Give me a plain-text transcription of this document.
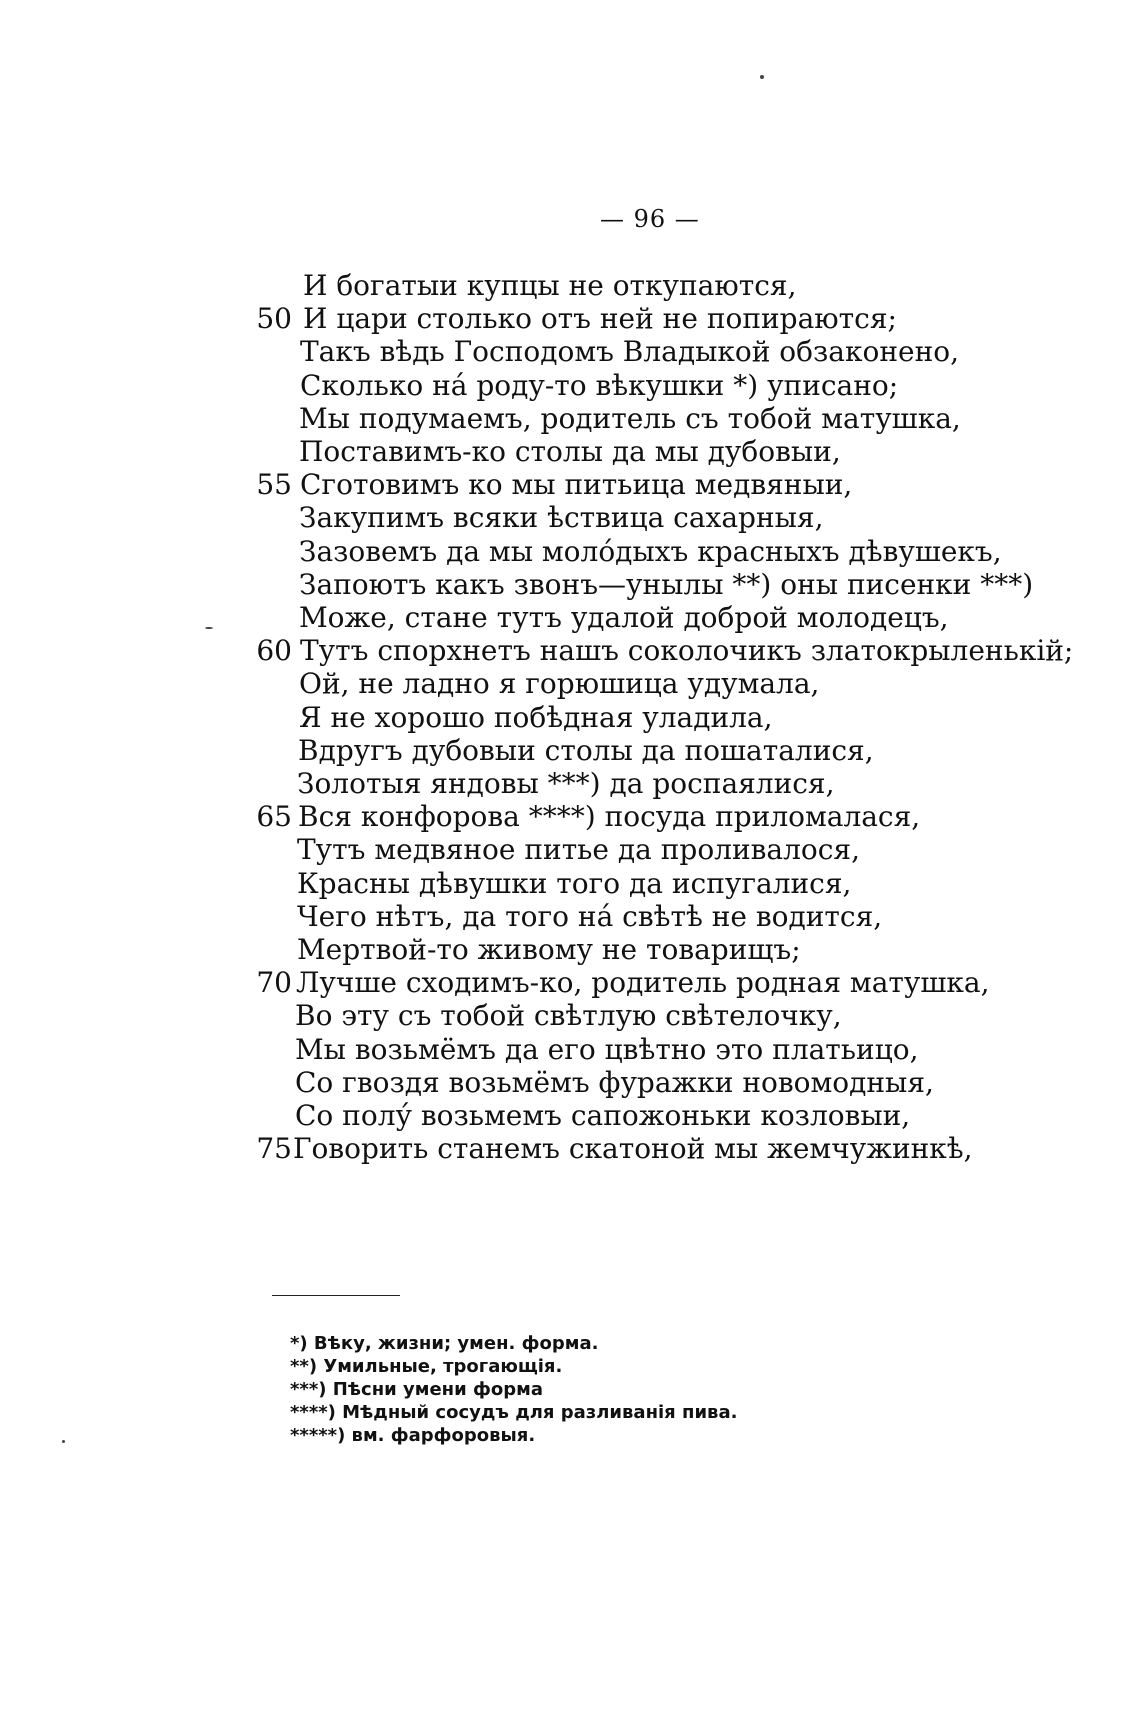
— 96 —
И богатыи купцы не откупаются,
50 И цари столько отъ ней не попираются;
Такъ вѣдь Господомъ Владыкой обзаконено,
Сколько на́ роду-то вѣкушки *) уписано;
Мы подумаемъ, родитель съ тобой матушка,
Поставимъ-ко столы да мы дубовыи,
55 Сготовимъ ко мы питьица медвяныи,
Закупимъ всяки ѣствица сахарныя,
Зазовемъ да мы молóдыхъ красныхъ дѣвушекъ,
Запоютъ какъ звонъ—унылы **) оны писенки ***)
Може, стане тутъ удалой доброй молодецъ,
60 Тутъ спорхнетъ нашъ соколочикъ златокрыленькій;
Ой, не ладно я горюшица удумала,
Я не хорошо побѣдная уладила,
Вдругъ дубовыи столы да пошаталися,
Золотыя яндовы ***) да роспаялися,
65 Вся конфорова ****) посуда приломалася,
Тутъ медвяное питье да проливалося,
Красны дѣвушки того да испугалися,
Чего нѣтъ, да того на́ свѣтѣ не водится,
Мертвой-то живому не товарищъ;
70 Лучше сходимъ-ко, родитель родная матушка,
Во эту съ тобой свѣтлую свѣтелочку,
Мы возьмёмъ да его цвѣтно это платьицо,
Со гвоздя возьмёмъ фуражки новомодныя,
Со полу́ возьмемъ сапожоньки козловыи,
75 Говорить станемъ скатоной мы жемчужинкѣ,
*) Вѣку, жизни; умен. форма.
**) Умильные, трогающія.
***) Пѣсни умени форма
****) Мѣдный сосудъ для разливанія пива.
*****) вм. фарфоровыя.
